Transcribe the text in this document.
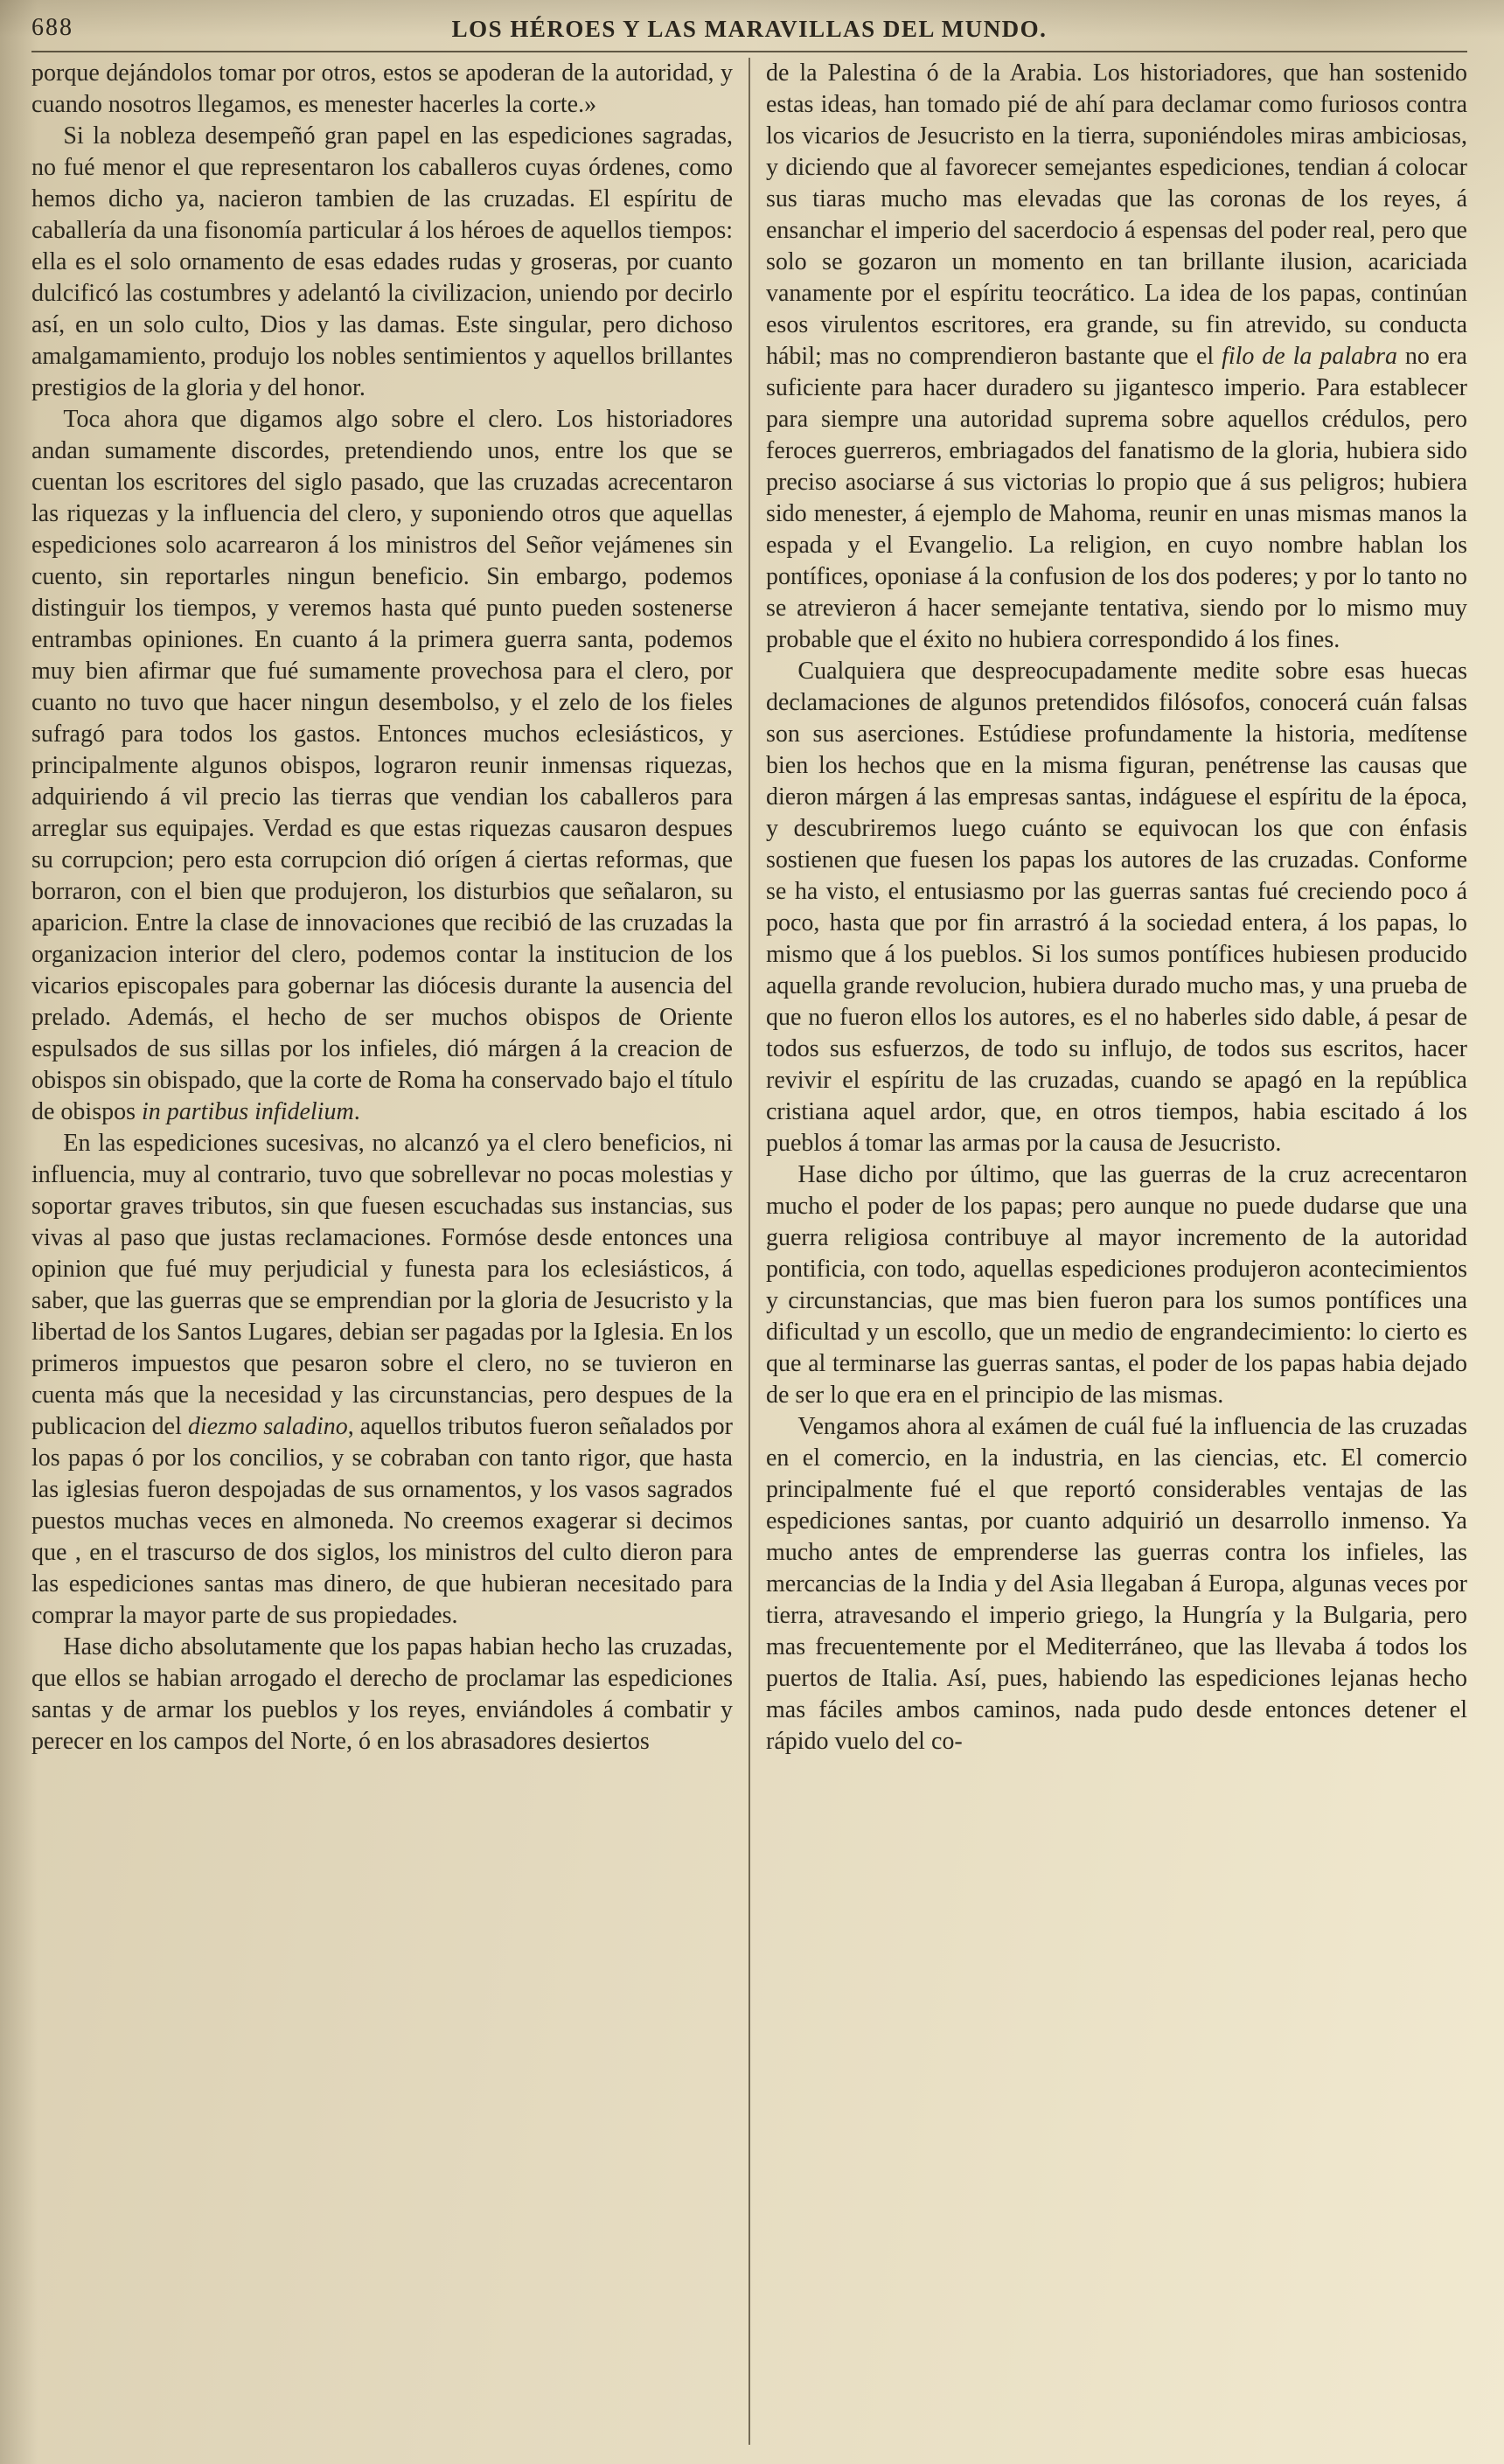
688	LOS HÉROES Y LAS MARAVILLAS DEL MUNDO.

porque dejándolos tomar por otros, estos se apoderan de la autoridad, y cuando nosotros llegamos, es menester hacerles la corte.»

Si la nobleza desempeñó gran papel en las espediciones sagradas, no fué menor el que representaron los caballeros cuyas órdenes, como hemos dicho ya, nacieron tambien de las cruzadas. El espíritu de caballería da una fisonomía particular á los héroes de aquellos tiempos: ella es el solo ornamento de esas edades rudas y groseras, por cuanto dulcificó las costumbres y adelantó la civilizacion, uniendo por decirlo así, en un solo culto, Dios y las damas. Este singular, pero dichoso amalgamamiento, produjo los nobles sentimientos y aquellos brillantes prestigios de la gloria y del honor.

Toca ahora que digamos algo sobre el clero. Los historiadores andan sumamente discordes, pretendiendo unos, entre los que se cuentan los escritores del siglo pasado, que las cruzadas acrecentaron las riquezas y la influencia del clero, y suponiendo otros que aquellas espediciones solo acarrearon á los ministros del Señor vejámenes sin cuento, sin reportarles ningun beneficio. Sin embargo, podemos distinguir los tiempos, y veremos hasta qué punto pueden sostenerse entrambas opiniones. En cuanto á la primera guerra santa, podemos muy bien afirmar que fué sumamente provechosa para el clero, por cuanto no tuvo que hacer ningun desembolso, y el zelo de los fieles sufragó para todos los gastos. Entonces muchos eclesiásticos, y principalmente algunos obispos, lograron reunir inmensas riquezas, adquiriendo á vil precio las tierras que vendian los caballeros para arreglar sus equipajes. Verdad es que estas riquezas causaron despues su corrupcion; pero esta corrupcion dió orígen á ciertas reformas, que borraron, con el bien que produjeron, los disturbios que señalaron, su aparicion. Entre la clase de innovaciones que recibió de las cruzadas la organizacion interior del clero, podemos contar la institucion de los vicarios episcopales para gobernar las diócesis durante la ausencia del prelado. Además, el hecho de ser muchos obispos de Oriente espulsados de sus sillas por los infieles, dió márgen á la creacion de obispos sin obispado, que la corte de Roma ha conservado bajo el título de obispos in partibus infidelium.

En las espediciones sucesivas, no alcanzó ya el clero beneficios, ni influencia, muy al contrario, tuvo que sobrellevar no pocas molestias y soportar graves tributos, sin que fuesen escuchadas sus instancias, sus vivas al paso que justas reclamaciones. Formóse desde entonces una opinion que fué muy perjudicial y funesta para los eclesiásticos, á saber, que las guerras que se emprendian por la gloria de Jesucristo y la libertad de los Santos Lugares, debian ser pagadas por la Iglesia. En los primeros impuestos que pesaron sobre el clero, no se tuvieron en cuenta más que la necesidad y las circunstancias, pero despues de la publicacion del diezmo saladino, aquellos tributos fueron señalados por los papas ó por los concilios, y se cobraban con tanto rigor, que hasta las iglesias fueron despojadas de sus ornamentos, y los vasos sagrados puestos muchas veces en almoneda. No creemos exagerar si decimos que , en el trascurso de dos siglos, los ministros del culto dieron para las espediciones santas mas dinero, de que hubieran necesitado para comprar la mayor parte de sus propiedades.

Hase dicho absolutamente que los papas habian hecho las cruzadas, que ellos se habian arrogado el derecho de proclamar las espediciones santas y de armar los pueblos y los reyes, enviándoles á combatir y perecer en los campos del Norte, ó en los abrasadores desiertos

de la Palestina ó de la Arabia. Los historiadores, que han sostenido estas ideas, han tomado pié de ahí para declamar como furiosos contra los vicarios de Jesucristo en la tierra, suponiéndoles miras ambiciosas, y diciendo que al favorecer semejantes espediciones, tendian á colocar sus tiaras mucho mas elevadas que las coronas de los reyes, á ensanchar el imperio del sacerdocio á espensas del poder real, pero que solo se gozaron un momento en tan brillante ilusion, acariciada vanamente por el espíritu teocrático. La idea de los papas, continúan esos virulentos escritores, era grande, su fin atrevido, su conducta hábil; mas no comprendieron bastante que el filo de la palabra no era suficiente para hacer duradero su jigantesco imperio. Para establecer para siempre una autoridad suprema sobre aquellos crédulos, pero feroces guerreros, embriagados del fanatismo de la gloria, hubiera sido preciso asociarse á sus victorias lo propio que á sus peligros; hubiera sido menester, á ejemplo de Mahoma, reunir en unas mismas manos la espada y el Evangelio. La religion, en cuyo nombre hablan los pontífices, oponiase á la confusion de los dos poderes; y por lo tanto no se atrevieron á hacer semejante tentativa, siendo por lo mismo muy probable que el éxito no hubiera correspondido á los fines.

Cualquiera que despreocupadamente medite sobre esas huecas declamaciones de algunos pretendidos filósofos, conocerá cuán falsas son sus aserciones. Estúdiese profundamente la historia, medítense bien los hechos que en la misma figuran, penétrense las causas que dieron márgen á las empresas santas, indáguese el espíritu de la época, y descubriremos luego cuánto se equivocan los que con énfasis sostienen que fuesen los papas los autores de las cruzadas. Conforme se ha visto, el entusiasmo por las guerras santas fué creciendo poco á poco, hasta que por fin arrastró á la sociedad entera, á los papas, lo mismo que á los pueblos. Si los sumos pontífices hubiesen producido aquella grande revolucion, hubiera durado mucho mas, y una prueba de que no fueron ellos los autores, es el no haberles sido dable, á pesar de todos sus esfuerzos, de todo su influjo, de todos sus escritos, hacer revivir el espíritu de las cruzadas, cuando se apagó en la república cristiana aquel ardor, que, en otros tiempos, habia escitado á los pueblos á tomar las armas por la causa de Jesucristo.

Hase dicho por último, que las guerras de la cruz acrecentaron mucho el poder de los papas; pero aunque no puede dudarse que una guerra religiosa contribuye al mayor incremento de la autoridad pontificia, con todo, aquellas espediciones produjeron acontecimientos y circunstancias, que mas bien fueron para los sumos pontífices una dificultad y un escollo, que un medio de engrandecimiento: lo cierto es que al terminarse las guerras santas, el poder de los papas habia dejado de ser lo que era en el principio de las mismas.

Vengamos ahora al exámen de cuál fué la influencia de las cruzadas en el comercio, en la industria, en las ciencias, etc. El comercio principalmente fué el que reportó considerables ventajas de las espediciones santas, por cuanto adquirió un desarrollo inmenso. Ya mucho antes de emprenderse las guerras contra los infieles, las mercancias de la India y del Asia llegaban á Europa, algunas veces por tierra, atravesando el imperio griego, la Hungría y la Bulgaria, pero mas frecuentemente por el Mediterráneo, que las llevaba á todos los puertos de Italia. Así, pues, habiendo las espediciones lejanas hecho mas fáciles ambos caminos, nada pudo desde entonces detener el rápido vuelo del co-
